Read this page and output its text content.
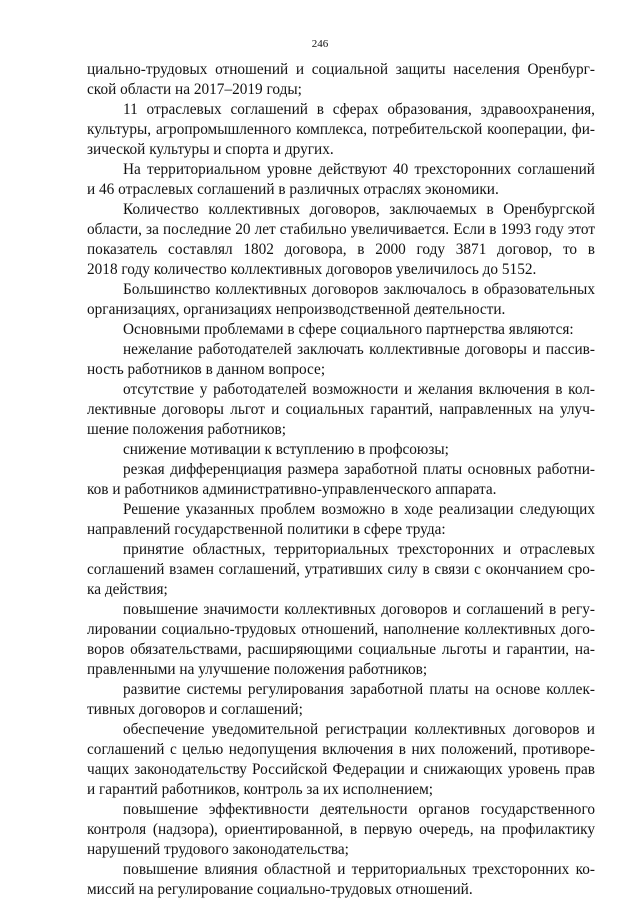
246
циально-трудовых отношений и социальной защиты населения Оренбург-
ской области на 2017–2019 годы;
11 отраслевых соглашений в сферах образования, здравоохранения,
культуры, агропромышленного комплекса, потребительской кооперации, фи-
зической культуры и спорта и других.
На территориальном уровне действуют 40 трехсторонних соглашений
и 46 отраслевых соглашений в различных отраслях экономики.
Количество коллективных договоров, заключаемых в Оренбургской
области, за последние 20 лет стабильно увеличивается. Если в 1993 году этот
показатель составлял 1802 договора, в 2000 году 3871 договор, то в
2018 году количество коллективных договоров увеличилось до 5152.
Большинство коллективных договоров заключалось в образовательных
организациях, организациях непроизводственной деятельности.
Основными проблемами в сфере социального партнерства являются:
нежелание работодателей заключать коллективные договоры и пассив-
ность работников в данном вопросе;
отсутствие у работодателей возможности и желания включения в кол-
лективные договоры льгот и социальных гарантий, направленных на улуч-
шение положения работников;
снижение мотивации к вступлению в профсоюзы;
резкая дифференциация размера заработной платы основных работни-
ков и работников административно-управленческого аппарата.
Решение указанных проблем возможно в ходе реализации следующих
направлений государственной политики в сфере труда:
принятие областных, территориальных трехсторонних и отраслевых
соглашений взамен соглашений, утративших силу в связи с окончанием сро-
ка действия;
повышение значимости коллективных договоров и соглашений в регу-
лировании социально-трудовых отношений, наполнение коллективных дого-
воров обязательствами, расширяющими социальные льготы и гарантии, на-
правленными на улучшение положения работников;
развитие системы регулирования заработной платы на основе коллек-
тивных договоров и соглашений;
обеспечение уведомительной регистрации коллективных договоров и
соглашений с целью недопущения включения в них положений, противоре-
чащих законодательству Российской Федерации и снижающих уровень прав
и гарантий работников, контроль за их исполнением;
повышение эффективности деятельности органов государственного
контроля (надзора), ориентированной, в первую очередь, на профилактику
нарушений трудового законодательства;
повышение влияния областной и территориальных трехсторонних ко-
миссий на регулирование социально-трудовых отношений.
